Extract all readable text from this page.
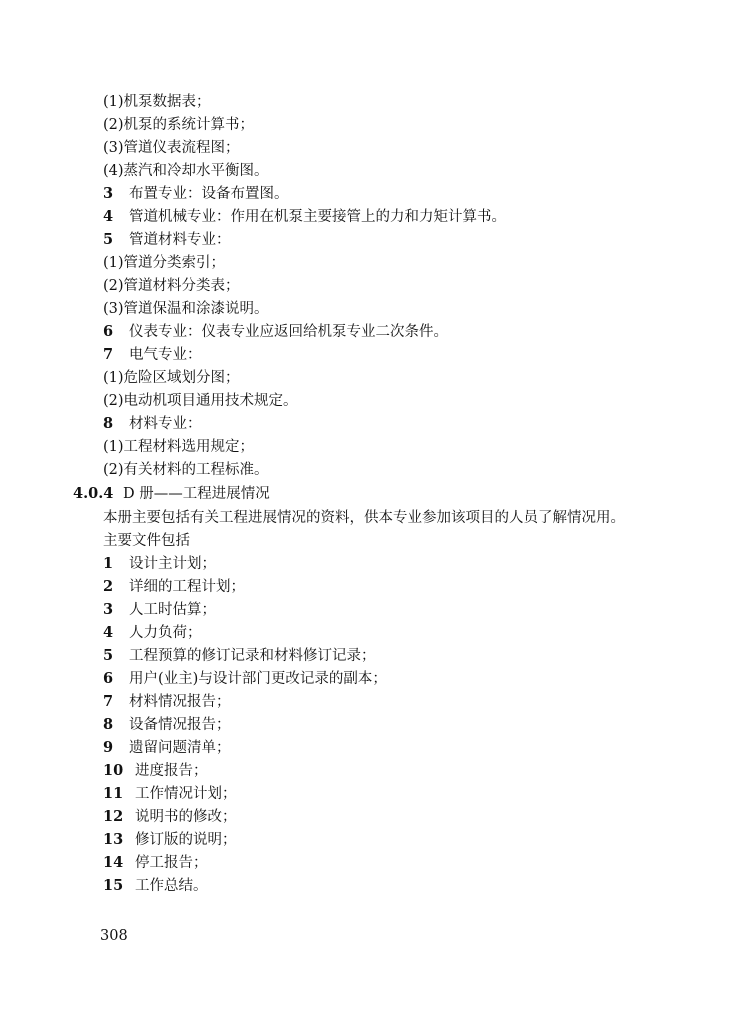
(1)机泵数据表；
(2)机泵的系统计算书；
(3)管道仪表流程图；
(4)蒸汽和冷却水平衡图。
3 布置专业：设备布置图。
4 管道机械专业：作用在机泵主要接管上的力和力矩计算书。
5 管道材料专业：
(1)管道分类索引；
(2)管道材料分类表；
(3)管道保温和涂漆说明。
6 仪表专业：仪表专业应返回给机泵专业二次条件。
7 电气专业：
(1)危险区域划分图；
(2)电动机项目通用技术规定。
8 材料专业：
(1)工程材料选用规定；
(2)有关材料的工程标准。
4.0.4 D 册——工程进展情况
本册主要包括有关工程进展情况的资料，供本专业参加该项目的人员了解情况用。
主要文件包括
1 设计主计划；
2 详细的工程计划；
3 人工时估算；
4 人力负荷；
5 工程预算的修订记录和材料修订记录；
6 用户(业主)与设计部门更改记录的副本；
7 材料情况报告；
8 设备情况报告；
9 遗留问题清单；
10 进度报告；
11 工作情况计划；
12 说明书的修改；
13 修订版的说明；
14 停工报告；
15 工作总结。
308
